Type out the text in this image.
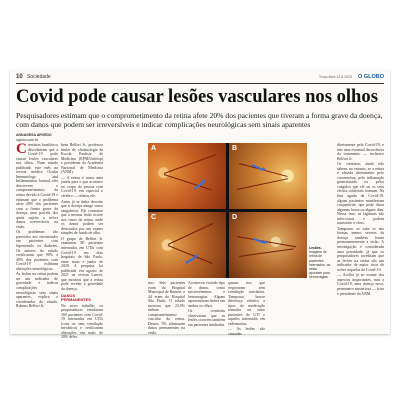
10 Sociedade	Terça-feira 12.8.2023 O GLOBO
Covid pode causar lesões vasculares nos olhos
Pesquisadores estimam que o comprometimento da retina afete 20% dos pacientes que tiveram a forma grave da doença, com danos que podem ser irreversíveis e indicar complicações neurológicas sem sinais aparentes
ANNAGESA ARVEDO
oglobo.com.br
C ientistas brasileiros descobriram que a Covid-19 pode causar lesões vasculares nos olhos. Num estudo publicado este mês na revista médica Ocular Immunology and Inflammation Journal, eles descrevem o comprometimento da retina devido à Covid-19 e estimam que o problema afete 20% dos pacientes com a forma grave da doença, uma parcela dos quais sujeita a sofrer danos irreversíveis na visão.

Os problemas são parecidos aos encontrados em pacientes com hipertensão ou diabetes. Os autores do estudo verificaram que 90% a 40% dos pacientes com Covid-19 exibiram alterações neurológicas.

As lesões na retina podem ser um indicador de gravidade e indicar complicações neurológicas sem sinais aparentes, explica o coordenador do estudo, Rubens Belfort Jr.

bens Belfort Jr., professor titular de oftalmologia da Escola Paulista de Medicina (EPM/Unifesp) e presidente da Academia Nacional de Medicina (ANM).

— A retina é como uma janela para o que acontece no corpo da pessoa com Covid-19, em especial o cérebro — relatou ele.

Antes já se tinha descrito que a doença atinge vasos sanguíneos. Ele constatou que a mesma lesão ocorre nos vasos da retina, onde os danos podem ser detectados por um exame simples de fundo de olho.

O grupo de Belfort Jr. examinou 80 pacientes internados em UTIs com Covid-19 em dois hospitais de São Paulo, entre maio e junho de 2020. A pesquisa foi publicada em agosto de 2021 na revista Lancet, que mostrou que a retina pode revelar a gravidade da doença.

DANOS PERMANENTES

No novo trabalho, os pesquisadores estudaram 160 pacientes com Covid-19 internados em UTIs (com ou sem ventilação mecânica) e verificaram alterações em mais de 20% deles.

A	B
C	D
Lesões. Imagens de retina de pacientes internados: as setas apontam para hemorragias

rias. Seis pacientes eram do Hospital Municipal de Barueri, e 44 eram do Hospital São Paulo. O estudo mostrou que 23,9% tinham comprometimento vascular da retina. Destes, 5% afirmaram danos permanentes na visão.

Aconteceu variado tipo de danos, como microvérminos e hemorragias. Alguns apresentaram lesões em ambos os olhos.

Os cientistas observaram que as lesões ocorrem também em pacientes intubados

quanto nos que respiravam sem ventilação mecânica. Tampouco houve diferença relativa a tipos de medicação tomados ou entre pacientes de UTI e aqueles internados em enfermarias.

— As lesões são causadas

diretamente pela Covid-19, e não uma eventual decorrência do tratamento — esclarece Belfort Jr.

Os cientistas ainda não sabem, no entanto, se a retina é afetada diretamente pelo coronavírus, pela inflamação generalizada ou pelos coágulos que ele ou os seus efeitos colaterais formam. Na fase aguda da Covid-19, alguns pacientes manifestam conjuntivite, que pode durar algumas horas ou alguns dias. Nessa fase, as lágrimas são infecciosas e podem transmitir o vírus.

Tampouco se sabe se tais formas menos severas da doença também lesam permanentemente a visão. A investigação é considerada uma prioridade, já que os pesquisadores acreditam que as lesões na retina são um indicador de maior risco de sofrer sequelas da Covid-19.

— Acolha já ao exame dos aspectos importantes, mas a Covid-19, uma doença nova, permanece misteriosa — frisa o presidente da ANM.
